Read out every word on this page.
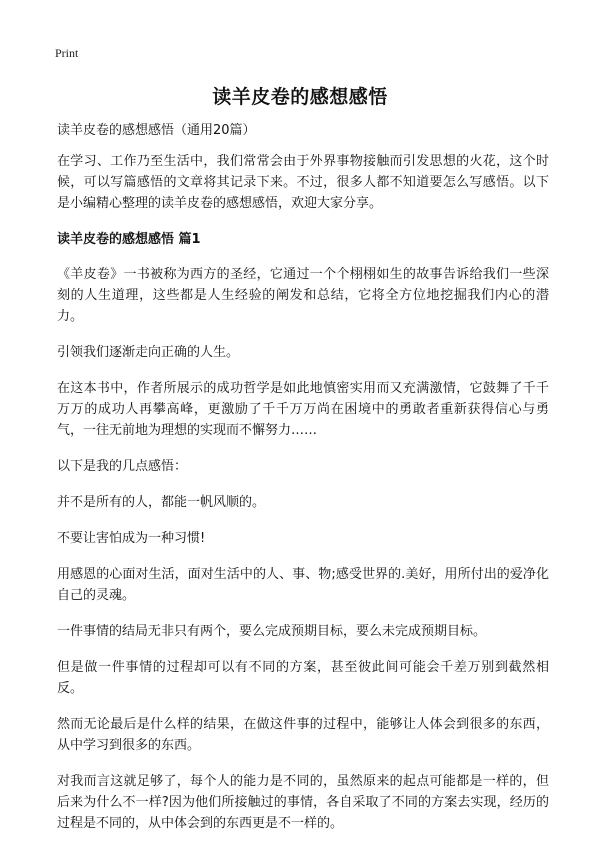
Print
读羊皮卷的感想感悟

读羊皮卷的感想感悟（通用20篇）

在学习、工作乃至生活中，我们常常会由于外界事物接触而引发思想的火花，这个时候，可以写篇感悟的文章将其记录下来。不过，很多人都不知道要怎么写感悟。以下是小编精心整理的读羊皮卷的感想感悟，欢迎大家分享。

读羊皮卷的感想感悟 篇1

《羊皮卷》一书被称为西方的圣经，它通过一个个栩栩如生的故事告诉给我们一些深刻的人生道理，这些都是人生经验的阐发和总结，它将全方位地挖掘我们内心的潜力。

引领我们逐渐走向正确的人生。

在这本书中，作者所展示的成功哲学是如此地慎密实用而又充满激情，它鼓舞了千千万万的成功人再攀高峰，更激励了千千万万尚在困境中的勇敢者重新获得信心与勇气，一往无前地为理想的实现而不懈努力……

以下是我的几点感悟：

并不是所有的人，都能一帆风顺的。

不要让害怕成为一种习惯!

用感恩的心面对生活，面对生活中的人、事、物;感受世界的.美好，用所付出的爱净化自己的灵魂。

一件事情的结局无非只有两个，要么完成预期目标，要么未完成预期目标。

但是做一件事情的过程却可以有不同的方案，甚至彼此间可能会千差万别到截然相反。

然而无论最后是什么样的结果，在做这件事的过程中，能够让人体会到很多的东西，从中学习到很多的东西。

对我而言这就足够了，每个人的能力是不同的，虽然原来的起点可能都是一样的，但后来为什么不一样?因为他们所接触过的事情，各自采取了不同的方案去实现，经历的过程是不同的，从中体会到的东西更是不一样的。
